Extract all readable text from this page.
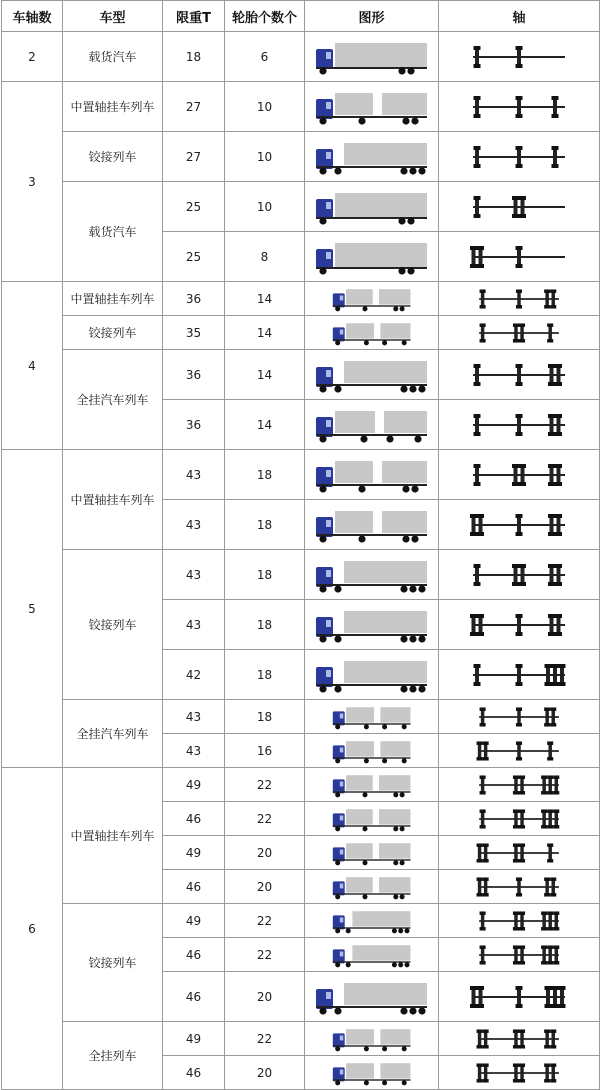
车轴数	车型	限重T	轮胎个数个	图形	轴
2	载货汽车	18	6	

3	中置轴挂车列车	27	10	

	铰接列车	27	10	

	载货汽车	25	10	

		25	8	

4	中置轴挂车列车	36	14	

	铰接列车	35	14	

	全挂汽车列车	36	14	

		36	14	

5	中置轴挂车列车	43	18	

		43	18	

	铰接列车	43	18	

		43	18	

		42	18	

	全挂汽车列车	43	18	

		43	16	

6	中置轴挂车列车	49	22	

		46	22	

		49	20	

		46	20	

	铰接列车	49	22	

		46	22	

		46	20	

	全挂列车	49	22	

		46	20	
